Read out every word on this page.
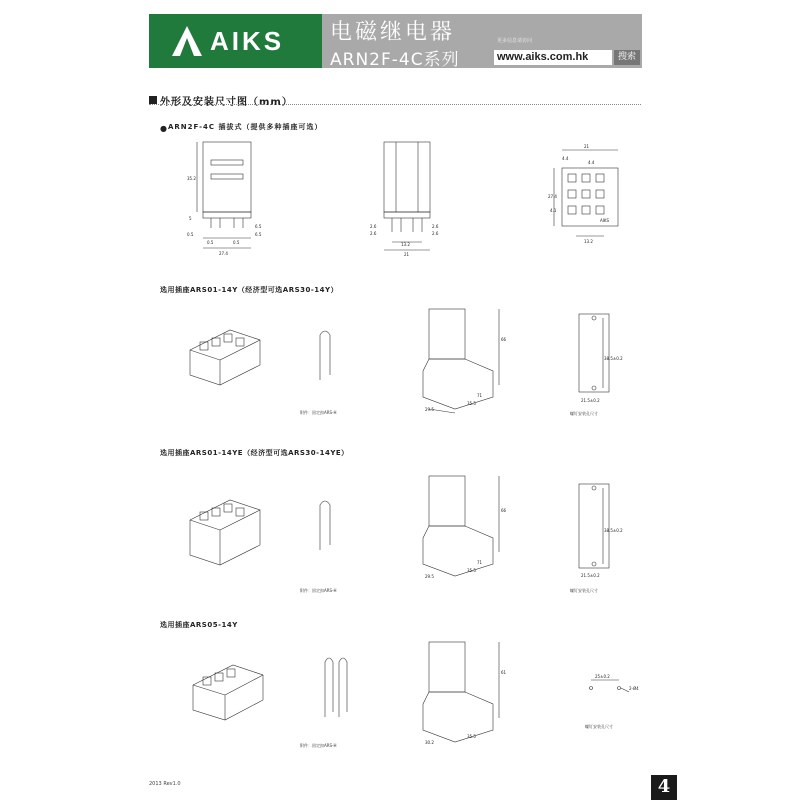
AIKS 电磁继电器
ARN2F-4C系列
更多信息请访问
www.aiks.com.hk	搜索
外形及安装尺寸图（mm）
● ARN2F-4C 插拔式（提供多种插座可选）
35.2
5
0.5
0.5	0.5
6.5
6.5
27.4
2.6
2.6
2.6
2.6
13.2
21
21
4.4
4.4
27.4
13.2
4.1
AIKS
选用插座ARS01-14Y（经济型可选ARS30-14Y）
附件：固定扣ARS-H
66
35.5
29.5
71
38.5±0.2
21.5±0.2
螺钉安装孔尺寸
选用插座ARS01-14YE（经济型可选ARS30-14YE）
附件：固定扣ARS-H
66
35.5
29.5
71
38.5±0.2
21.5±0.2
螺钉安装孔尺寸
选用插座ARS05-14Y
附件：固定扣ARS-H
61
35.5
30.2
25±0.2
2-Ø4
螺钉安装孔尺寸
2013 Rev1.0	4
